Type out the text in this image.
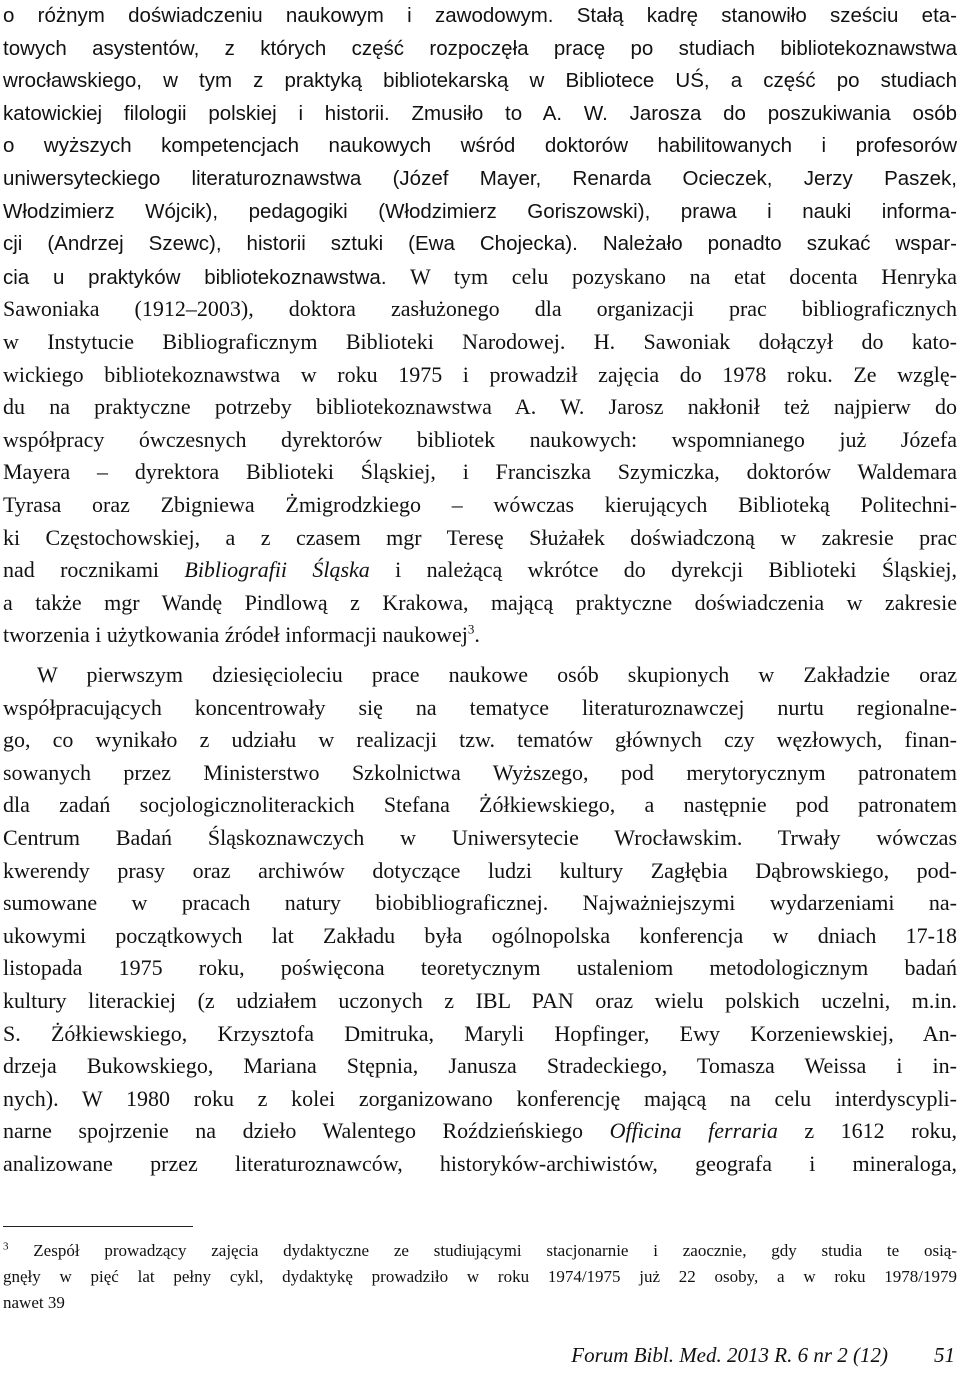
o różnym doświadczeniu naukowym i zawodowym. Stałą kadrę stanowiło sześciu eta-
towych asystentów, z których część rozpoczęła pracę po studiach bibliotekoznawstwa
wrocławskiego, w tym z praktyką bibliotekarską w Bibliotece UŚ, a część po studiach
katowickiej filologii polskiej i historii. Zmusiło to A. W. Jarosza do poszukiwania osób
o wyższych kompetencjach naukowych wśród doktorów habilitowanych i profesorów
uniwersyteckiego literaturoznawstwa (Józef Mayer, Renarda Ocieczek, Jerzy Paszek,
Włodzimierz Wójcik), pedagogiki (Włodzimierz Goriszowski), prawa i nauki informa-
cji (Andrzej Szewc), historii sztuki (Ewa Chojecka). Należało ponadto szukać wspar-
cia u praktyków bibliotekoznawstwa. W tym celu pozyskano na etat docenta Henryka
Sawoniaka (1912–2003), doktora zasłużonego dla organizacji prac bibliograficznych
w Instytucie Bibliograficznym Biblioteki Narodowej. H. Sawoniak dołączył do kato-
wickiego bibliotekoznawstwa w roku 1975 i prowadził zajęcia do 1978 roku. Ze wzglę-
du na praktyczne potrzeby bibliotekoznawstwa A. W. Jarosz nakłonił też najpierw do
współpracy ówczesnych dyrektorów bibliotek naukowych: wspomnianego już Józefa
Mayera – dyrektora Biblioteki Śląskiej, i Franciszka Szymiczka, doktorów Waldemara
Tyrasa oraz Zbigniewa Żmigrodzkiego – wówczas kierujących Biblioteką Politechni-
ki Częstochowskiej, a z czasem mgr Teresę Służałek doświadczoną w zakresie prac
nad rocznikami Bibliografii Śląska i należącą wkrótce do dyrekcji Biblioteki Śląskiej,
a także mgr Wandę Pindlową z Krakowa, mającą praktyczne doświadczenia w zakresie
tworzenia i użytkowania źródeł informacji naukowej$^3$.
W pierwszym dziesięcioleciu prace naukowe osób skupionych w Zakładzie oraz
współpracujących koncentrowały się na tematyce literaturoznawczej nurtu regionalne-
go, co wynikało z udziału w realizacji tzw. tematów głównych czy węzłowych, finan-
sowanych przez Ministerstwo Szkolnictwa Wyższego, pod merytorycznym patronatem
dla zadań socjologicznoliterackich Stefana Żółkiewskiego, a następnie pod patronatem
Centrum Badań Śląskoznawczych w Uniwersytecie Wrocławskim. Trwały wówczas
kwerendy prasy oraz archiwów dotyczące ludzi kultury Zagłębia Dąbrowskiego, pod-
sumowane w pracach natury biobibliograficznej. Najważniejszymi wydarzeniami na-
ukowymi początkowych lat Zakładu była ogólnopolska konferencja w dniach 17-18
listopada 1975 roku, poświęcona teoretycznym ustaleniom metodologicznym badań
kultury literackiej (z udziałem uczonych z IBL PAN oraz wielu polskich uczelni, m.in.
S. Żółkiewskiego, Krzysztofa Dmitruka, Maryli Hopfinger, Ewy Korzeniewskiej, An-
drzeja Bukowskiego, Mariana Stępnia, Janusza Stradeckiego, Tomasza Weissa i in-
nych). W 1980 roku z kolei zorganizowano konferencję mającą na celu interdyscypli-
narne spojrzenie na dzieło Walentego Roździeńskiego Officina ferraria z 1612 roku,
analizowane przez literaturoznawców, historyków-archiwistów, geografa i mineraloga,
$^3$ Zespół prowadzący zajęcia dydaktyczne ze studiującymi stacjonarnie i zaocznie, gdy studia te osią-
gnęły w pięć lat pełny cykl, dydaktykę prowadziło w roku 1974/1975 już 22 osoby, a w roku 1978/1979
nawet 39
Forum Bibl. Med. 2013 R. 6 nr 2 (12) 51
